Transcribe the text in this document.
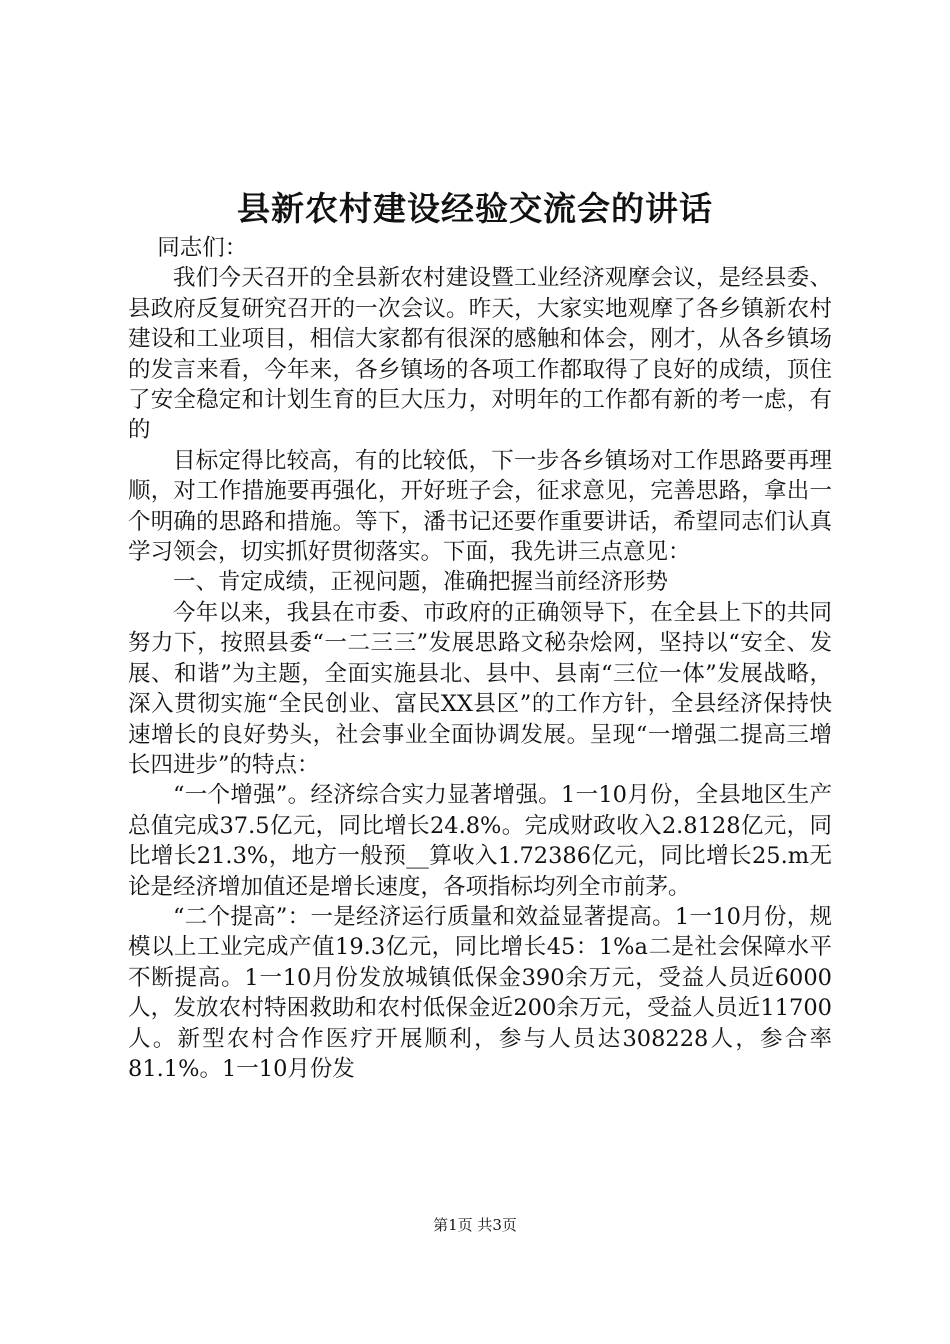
县新农村建设经验交流会的讲话

同志们：

我们今天召开的全县新农村建设暨工业经济观摩会议，是经县委、县政府反复研究召开的一次会议。昨天，大家实地观摩了各乡镇新农村建设和工业项目，相信大家都有很深的感触和体会，刚才，从各乡镇场的发言来看，今年来，各乡镇场的各项工作都取得了良好的成绩，顶住了安全稳定和计划生育的巨大压力，对明年的工作都有新的考一虑，有的

目标定得比较高，有的比较低，下一步各乡镇场对工作思路要再理顺，对工作措施要再强化，开好班子会，征求意见，完善思路，拿出一个明确的思路和措施。等下，潘书记还要作重要讲话，希望同志们认真学习领会，切实抓好贯彻落实。下面，我先讲三点意见：

一、肯定成绩，正视问题，准确把握当前经济形势

今年以来，我县在市委、市政府的正确领导下，在全县上下的共同努力下，按照县委“一二三三”发展思路文秘杂烩网，坚持以“安全、发展、和谐”为主题，全面实施县北、县中、县南“三位一体”发展战略，深入贯彻实施“全民创业、富民XX县区”的工作方针，全县经济保持快速增长的良好势头，社会事业全面协调发展。呈现“一增强二提高三增长四进步”的特点：

“一个增强”。经济综合实力显著增强。1一10月份，全县地区生产总值完成37.5亿元，同比增长24.8%。完成财政收入2.8128亿元，同比增长21.3%，地方一般预__算收入1.72386亿元，同比增长25.m无论是经济增加值还是增长速度，各项指标均列全市前茅。

“二个提高”：一是经济运行质量和效益显著提高。1一10月份，规模以上工业完成产值19.3亿元，同比增长45：1%a二是社会保障水平不断提高。1一10月份发放城镇低保金390余万元，受益人员近6000人，发放农村特困救助和农村低保金近200余万元，受益人员近11700人。新型农村合作医疗开展顺利，参与人员达308228人，参合率81.1%。1一10月份发

第1页 共3页
